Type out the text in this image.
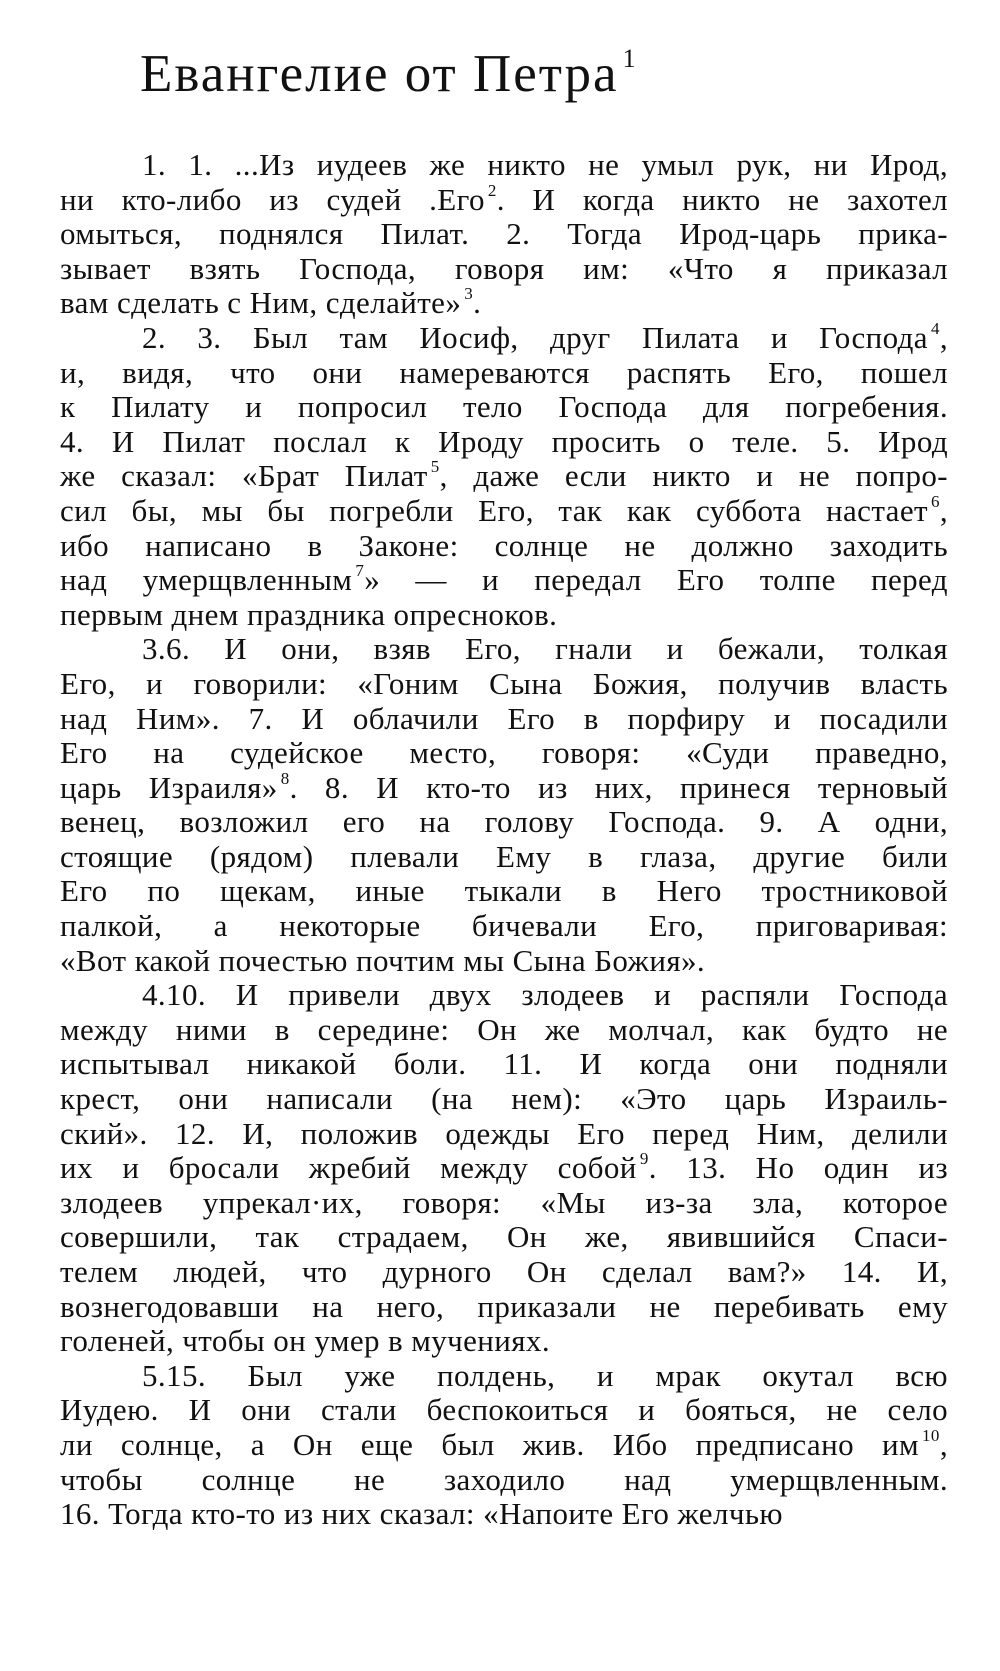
Евангелие от Петра $^1$
1. 1. ...Из иудеев же никто не умыл рук, ни Ирод,
ни кто-либо из судей .Его $^2$. И когда никто не захотел
омыться, поднялся Пилат. 2. Тогда Ирод-царь прика-
зывает взять Господа, говоря им: «Что я приказал
вам сделать с Ним, сделайте» $^3$.
2. 3. Был там Иосиф, друг Пилата и Господа $^4$,
и, видя, что они намереваются распять Его, пошел
к Пилату и попросил тело Господа для погребения.
4. И Пилат послал к Ироду просить о теле. 5. Ирод
же сказал: «Брат Пилат $^5$, даже если никто и не попро-
сил бы, мы бы погребли Его, так как суббота настает $^6$,
ибо написано в Законе: солнце не должно заходить
над умерщвленным $^7$» — и передал Его толпе перед
первым днем праздника опресноков.
3.6. И они, взяв Его, гнали и бежали, толкая
Его, и говорили: «Гоним Сына Божия, получив власть
над Ним». 7. И облачили Его в порфиру и посадили
Его на судейское место, говоря: «Суди праведно,
царь Израиля» $^8$. 8. И кто-то из них, принеся терновый
венец, возложил его на голову Господа. 9. А одни,
стоящие (рядом) плевали Ему в глаза, другие били
Его по щекам, иные тыкали в Него тростниковой
палкой, а некоторые бичевали Его, приговаривая:
«Вот какой почестью почтим мы Сына Божия».
4.10. И привели двух злодеев и распяли Господа
между ними в середине: Он же молчал, как будто не
испытывал никакой боли. 11. И когда они подняли
крест, они написали (на нем): «Это царь Израиль-
ский». 12. И, положив одежды Его перед Ним, делили
их и бросали жребий между собой $^9$. 13. Но один из
злодеев упрекал·их, говоря: «Мы из-за зла, которое
совершили, так страдаем, Он же, явившийся Спаси-
телем людей, что дурного Он сделал вам?» 14. И,
вознегодовавши на него, приказали не перебивать ему
голеней, чтобы он умер в мучениях.
5.15. Был уже полдень, и мрак окутал всю
Иудею. И они стали беспокоиться и бояться, не село
ли солнце, а Он еще был жив. Ибо предписано им $^{10}$,
чтобы солнце не заходило над умерщвленным.
16. Тогда кто-то из них сказал: «Напоите Его желчью
